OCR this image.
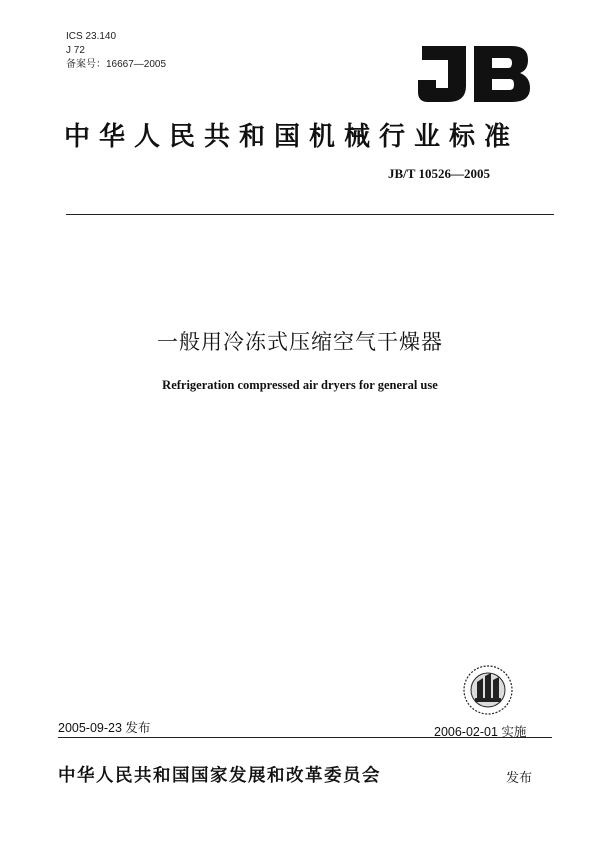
ICS 23.140
J 72
备案号：16667—2005
中华人民共和国机械行业标准
JB/T 10526—2005
一般用冷冻式压缩空气干燥器
Refrigeration compressed air dryers for general use
2005-09-23 发布	2006-02-01 实施
中华人民共和国国家发展和改革委员会	发布
